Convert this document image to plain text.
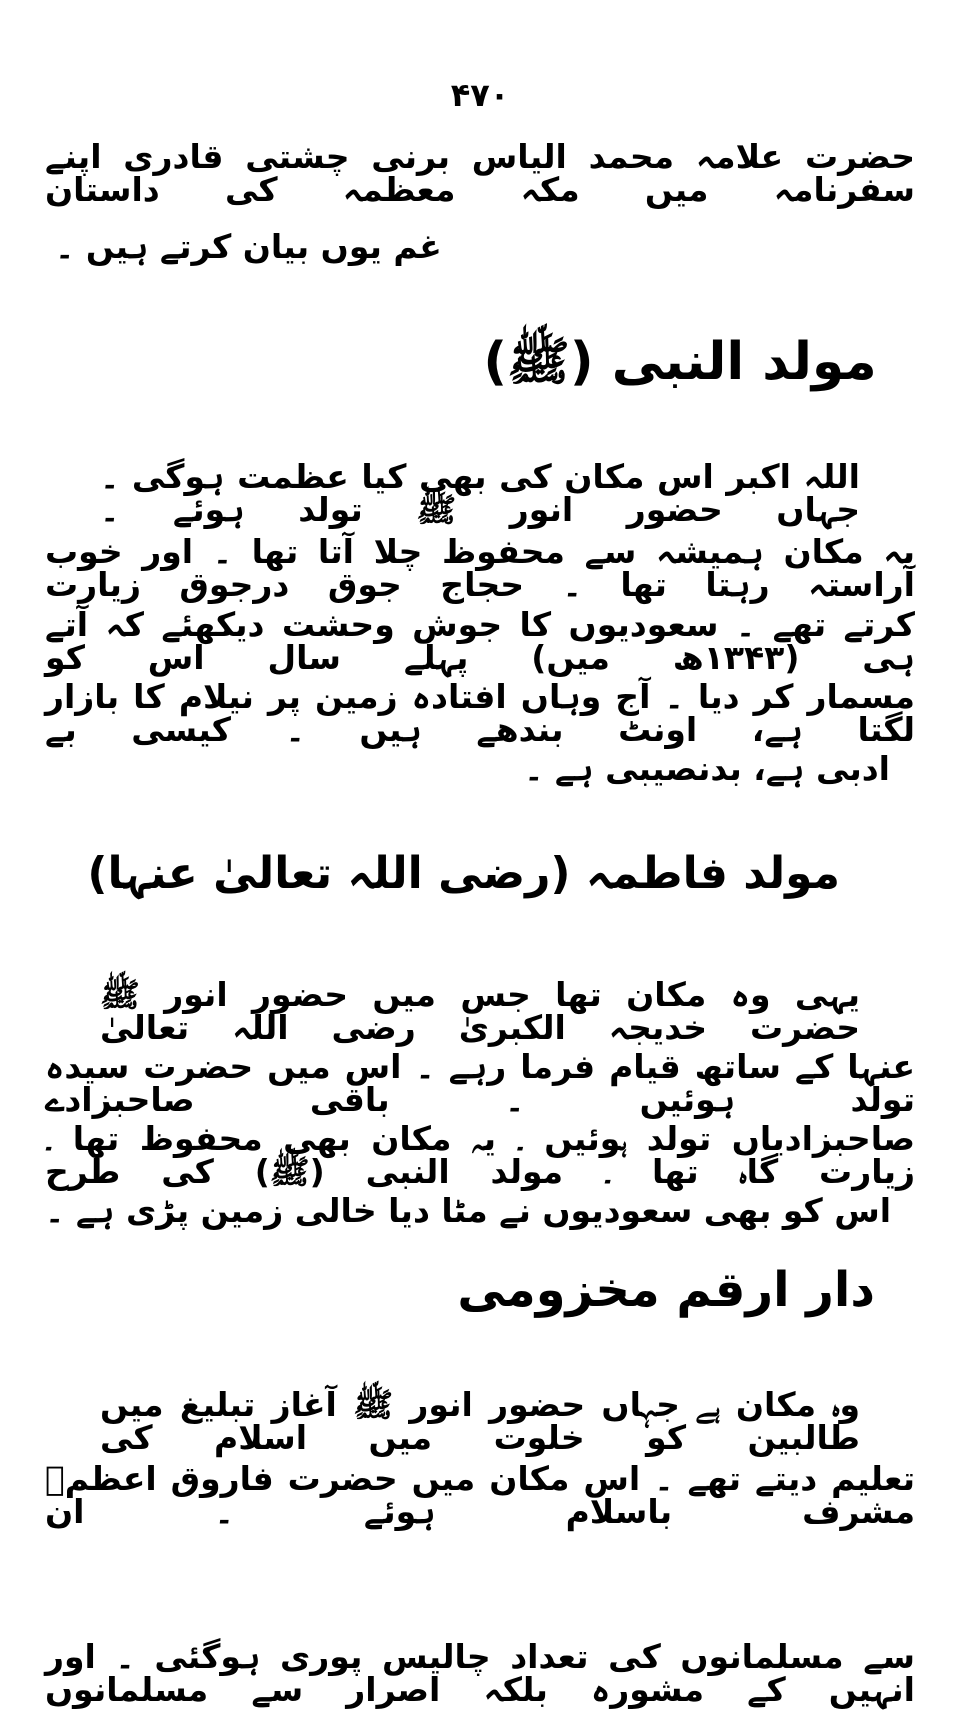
۴۷۰
حضرت علامہ محمد الیاس برنی چشتی قادری اپنے سفرنامہ میں مکہ معظمہ کی داستان
غم یوں بیان کرتے ہیں ۔
مولد النبی (ﷺ)
اللہ اکبر اس مکان کی بھی کیا عظمت ہوگی ۔ جہاں حضور انور ﷺ تولد ہوئے ۔
یہ مکان ہمیشہ سے محفوظ چلا آتا تھا ۔ اور خوب آراستہ رہتا تھا ۔ حجاج جوق درجوق زیارت
کرتے تھے ۔ سعودیوں کا جوش وحشت دیکھئے کہ آتے ہی (۱۳۴۳ھ میں) پہلے سال اس کو
مسمار کر دیا ۔ آج وہاں افتادہ زمین پر نیلام کا بازار لگتا ہے، اونٹ بندھے ہیں ۔ کیسی بے
ادبی ہے، بدنصیبی ہے ۔
مولد فاطمہ (رضی اللہ تعالیٰ عنہا)
یہی وہ مکان تھا جس میں حضور انور ﷺ حضرت خدیجہ الکبریٰ رضی اللہ تعالیٰ
عنہا کے ساتھ قیام فرما رہے ۔ اس میں حضرت سیدہ تولد ہوئیں ۔ باقی صاحبزادے
صاحبزادیاں تولد ہوئیں ۔ یہ مکان بھی محفوظ تھا ۔ زیارت گاہ تھا ۔ مولد النبی (ﷺ) کی طرح
اس کو بھی سعودیوں نے مٹا دیا خالی زمین پڑی ہے ۔
دار ارقم مخزومی
وہ مکان ہے جہاں حضور انور ﷺ آغاز تبلیغ میں طالبین کو خلوت میں اسلام کی
تعلیم دیتے تھے ۔ اس مکان میں حضرت فاروق اعظمؓ مشرف باسلام ہوئے ۔ ان
سے مسلمانوں کی تعداد چالیس پوری ہوگئی ۔ اور انہیں کے مشورہ بلکہ اصرار سے مسلمانوں
